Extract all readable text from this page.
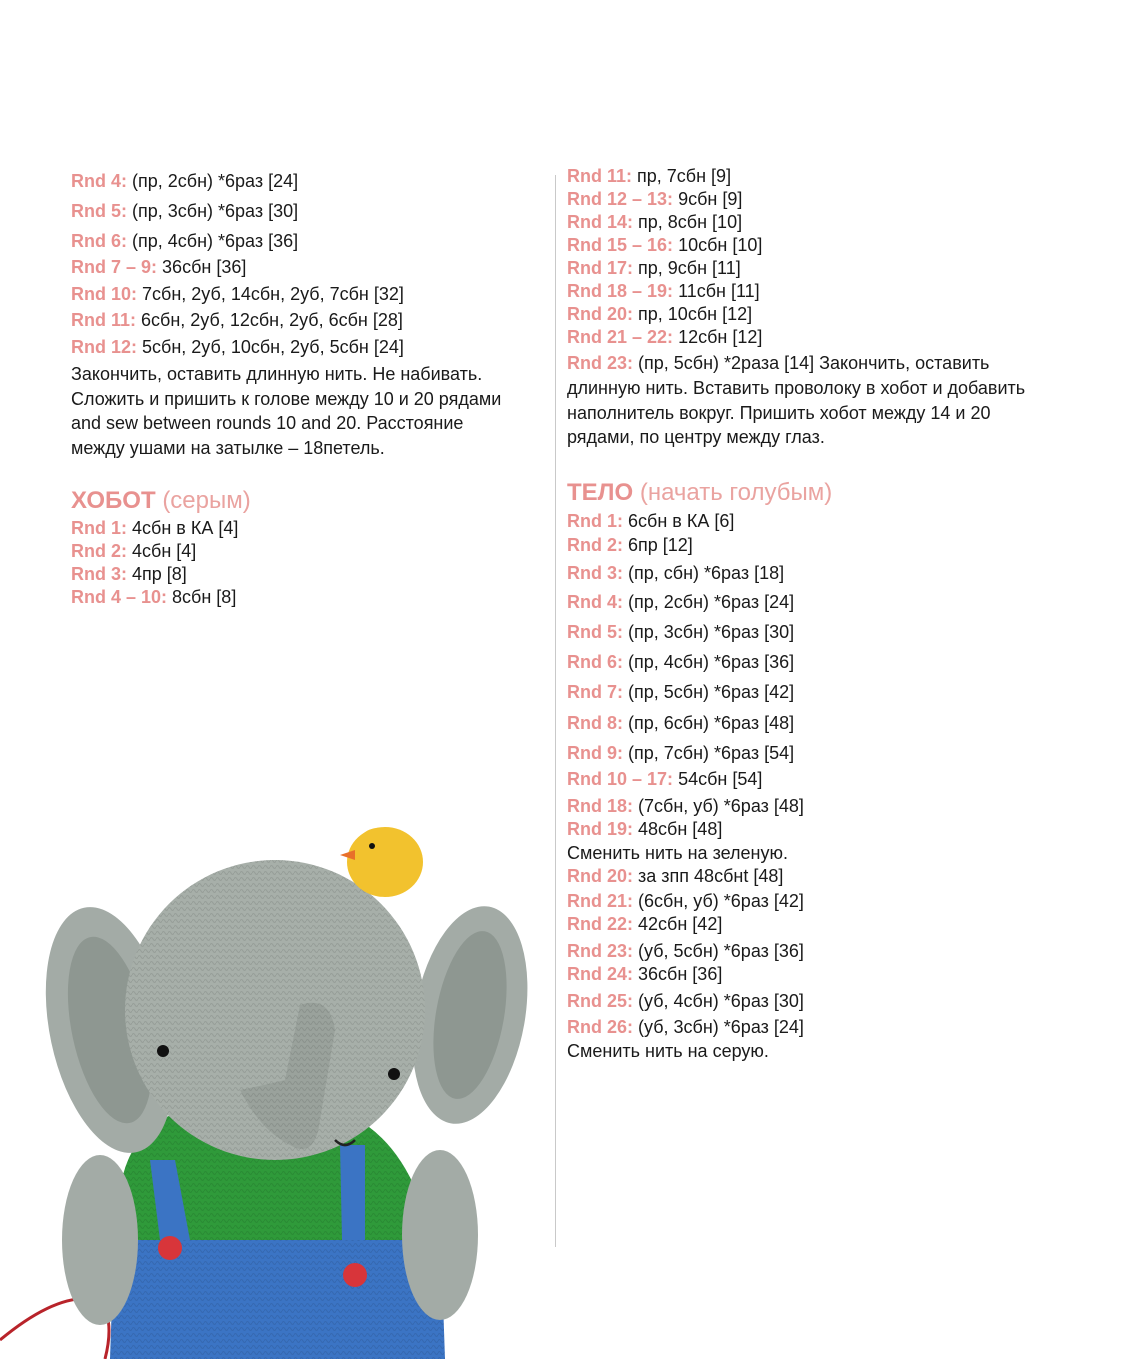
Rnd 4: (пр, 2сбн) *6раз [24]
Rnd 5: (пр, 3сбн) *6раз [30]
Rnd 6: (пр, 4сбн) *6раз [36]
Rnd 7 – 9: 36сбн [36]
Rnd 10: 7сбн, 2уб, 14сбн, 2уб, 7сбн [32]
Rnd 11: 6сбн, 2уб, 12сбн, 2уб, 6сбн [28]
Rnd 12: 5сбн, 2уб, 10сбн, 2уб, 5сбн [24]
Закончить, оставить длинную нить. Не набивать.
Сложить и пришить к голове между 10 и 20 рядами
and sew between rounds 10 and 20. Расстояние
между ушами на затылке – 18петель.
ХОБОТ (серым)
Rnd 1: 4сбн в КА [4]
Rnd 2: 4сбн [4]
Rnd 3: 4пр [8]
Rnd 4 – 10: 8сбн [8]
Rnd 11: пр, 7сбн [9]
Rnd 12 – 13: 9сбн [9]
Rnd 14: пр, 8сбн [10]
Rnd 15 – 16: 10сбн [10]
Rnd 17: пр, 9сбн [11]
Rnd 18 – 19: 11сбн [11]
Rnd 20: пр, 10сбн [12]
Rnd 21 – 22: 12сбн [12]
Rnd 23: (пр, 5сбн) *2раза [14] Закончить, оставить
длинную нить. Вставить проволоку в хобот и добавить
наполнитель вокруг. Пришить хобот между 14 и 20
рядами, по центру между глаз.
ТЕЛО (начать голубым)
Rnd 1: 6сбн в КА [6]
Rnd 2: 6пр [12]
Rnd 3: (пр, сбн) *6раз [18]
Rnd 4: (пр, 2сбн) *6раз [24]
Rnd 5: (пр, 3сбн) *6раз [30]
Rnd 6: (пр, 4сбн) *6раз [36]
Rnd 7: (пр, 5сбн) *6раз [42]
Rnd 8: (пр, 6сбн) *6раз [48]
Rnd 9: (пр, 7сбн) *6раз [54]
Rnd 10 – 17: 54сбн [54]
Rnd 18: (7сбн, уб) *6раз [48]
Rnd 19: 48сбн [48]
Сменить нить на зеленую.
Rnd 20: за зпп 48сбнt [48]
Rnd 21: (6сбн, уб) *6раз [42]
Rnd 22: 42сбн [42]
Rnd 23: (уб, 5сбн) *6раз [36]
Rnd 24: 36сбн [36]
Rnd 25: (уб, 4сбн) *6раз [30]
Rnd 26: (уб, 3сбн) *6раз [24]
Сменить нить на серую.
